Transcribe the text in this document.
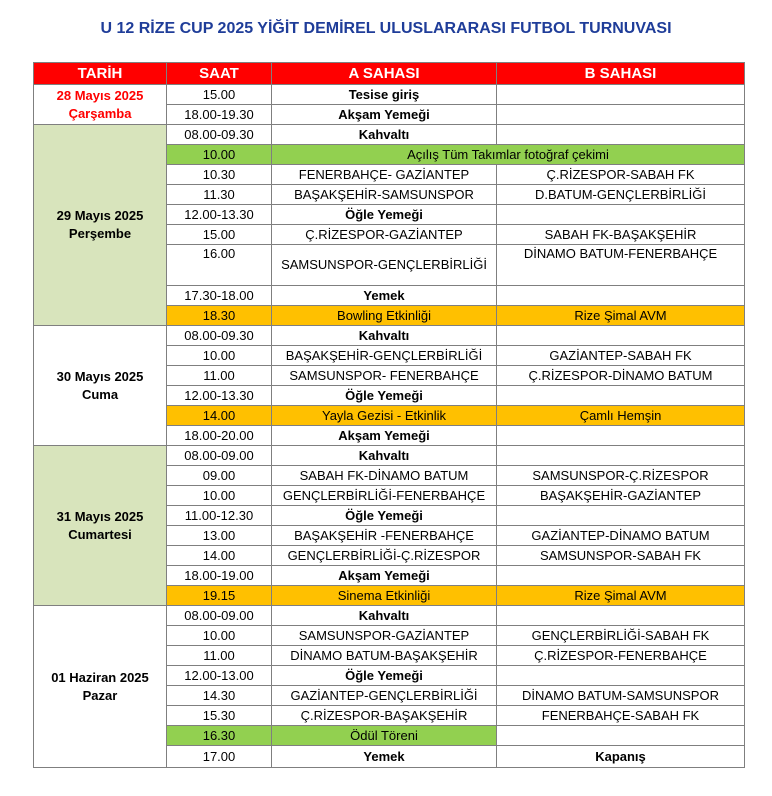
U 12 RİZE CUP 2025 YİĞİT DEMİREL ULUSLARARASI FUTBOL TURNUVASI
TARİH	SAAT	A SAHASI	B SAHASI

28 Mayıs 2025
Çarşamba	15.00	Tesise giriş	
	18.00-19.30	Akşam Yemeği	

29 Mayıs 2025
Perşembe	08.00-09.30	Kahvaltı	
	10.00	Açılış Tüm Takımlar fotoğraf çekimi	
	10.30	FENERBAHÇE- GAZİANTEP	Ç.RİZESPOR-SABAH FK
	11.30	BAŞAKŞEHİR-SAMSUNSPOR	D.BATUM-GENÇLERBİRLİĞİ
	12.00-13.30	Öğle Yemeği	
	15.00	Ç.RİZESPOR-GAZİANTEP	SABAH FK-BAŞAKŞEHİR
	16.00	SAMSUNSPOR-GENÇLERBİRLİĞİ	DİNAMO BATUM-FENERBAHÇE
	17.30-18.00	Yemek	
	18.30	Bowling Etkinliği	Rize Şimal AVM

30 Mayıs 2025
Cuma	08.00-09.30	Kahvaltı	
	10.00	BAŞAKŞEHİR-GENÇLERBİRLİĞİ	GAZİANTEP-SABAH FK
	11.00	SAMSUNSPOR- FENERBAHÇE	Ç.RİZESPOR-DİNAMO BATUM
	12.00-13.30	Öğle Yemeği	
	14.00	Yayla Gezisi - Etkinlik	Çamlı Hemşin
	18.00-20.00	Akşam Yemeği	

31 Mayıs 2025
Cumartesi	08.00-09.00	Kahvaltı	
	09.00	SABAH FK-DİNAMO BATUM	SAMSUNSPOR-Ç.RİZESPOR
	10.00	GENÇLERBİRLİĞİ-FENERBAHÇE	BAŞAKŞEHİR-GAZİANTEP
	11.00-12.30	Öğle Yemeği	
	13.00	BAŞAKŞEHİR -FENERBAHÇE	GAZİANTEP-DİNAMO BATUM
	14.00	GENÇLERBİRLİĞİ-Ç.RİZESPOR	SAMSUNSPOR-SABAH FK
	18.00-19.00	Akşam Yemeği	
	19.15	Sinema Etkinliği	Rize Şimal AVM

01 Haziran 2025
Pazar	08.00-09.00	Kahvaltı	
	10.00	SAMSUNSPOR-GAZİANTEP	GENÇLERBİRLİĞİ-SABAH FK
	11.00	DİNAMO BATUM-BAŞAKŞEHİR	Ç.RİZESPOR-FENERBAHÇE
	12.00-13.00	Öğle Yemeği	
	14.30	GAZİANTEP-GENÇLERBİRLİĞİ	DİNAMO BATUM-SAMSUNSPOR
	15.30	Ç.RİZESPOR-BAŞAKŞEHİR	FENERBAHÇE-SABAH FK
	16.30	Ödül Töreni	
	17.00	Yemek	Kapanış
